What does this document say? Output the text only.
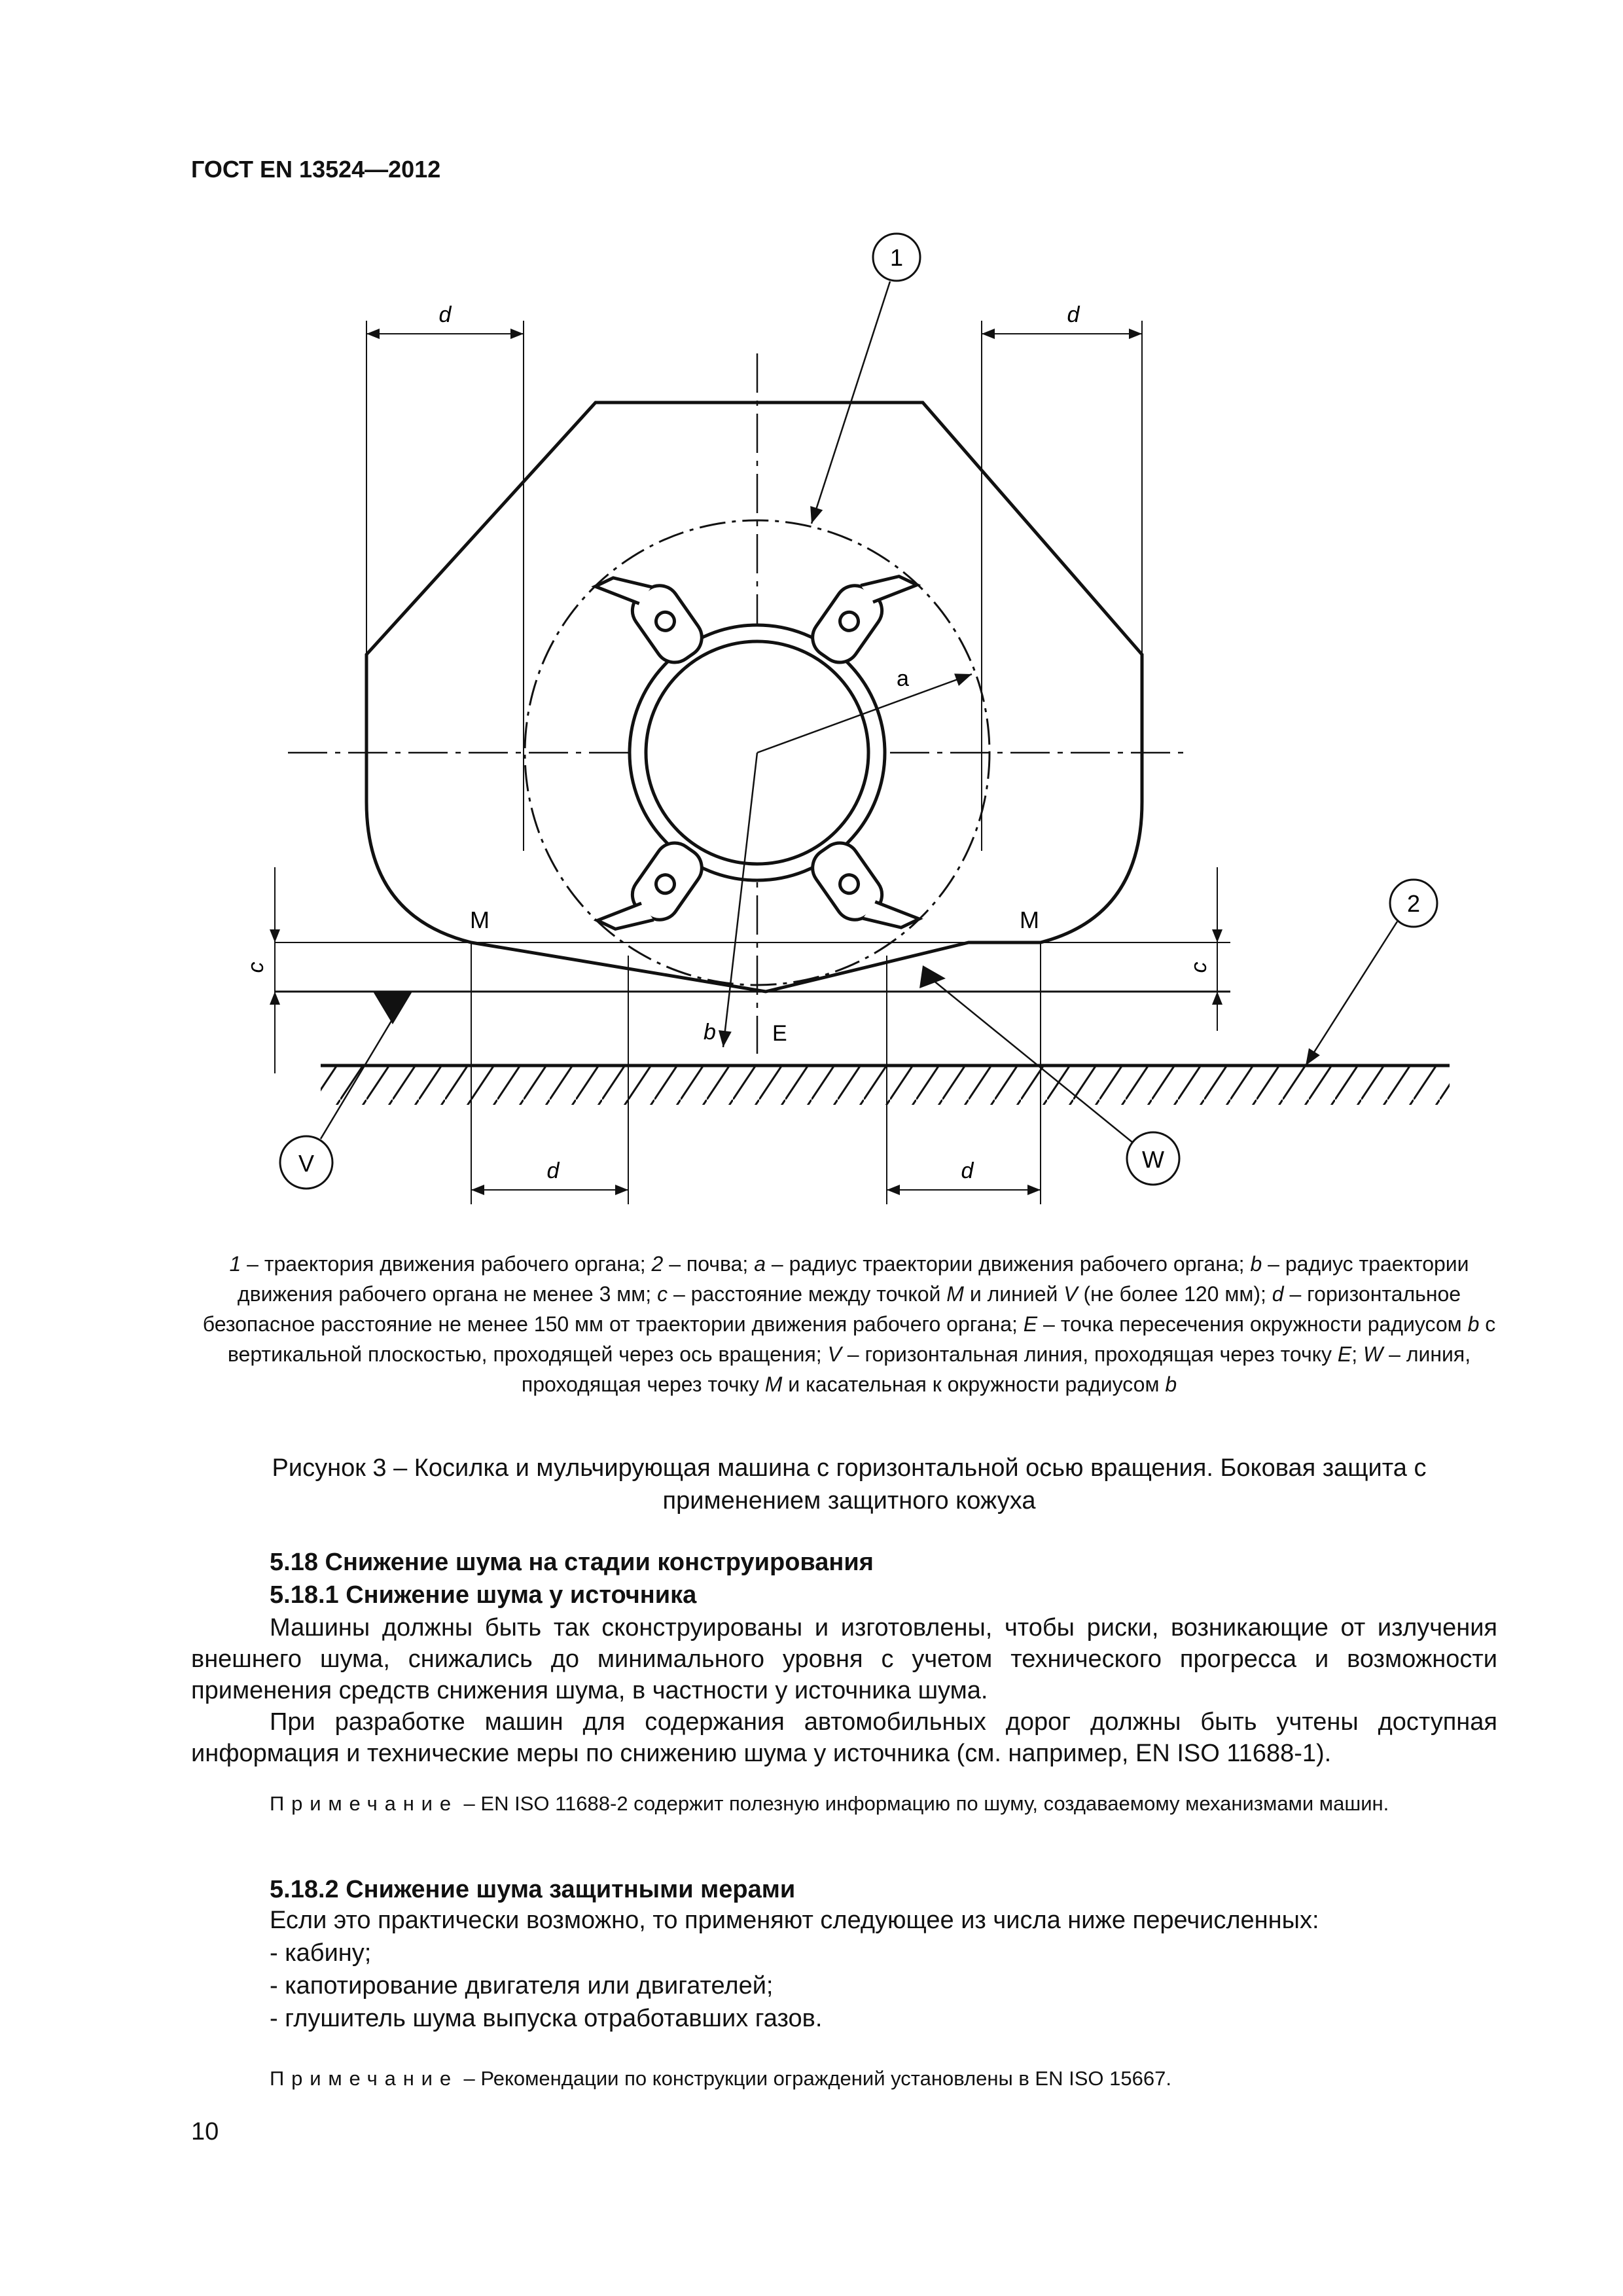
ГОСТ EN 13524—2012
a
b	E
M	M
d	d
d	d
c	c
1
2
V	W
1 – траектория движения рабочего органа; 2 – почва; a – радиус траектории движения рабочего органа; b – радиус траектории движения рабочего органа не менее 3 мм; c – расстояние между точкой M и линией V (не более 120 мм); d – горизонтальное безопасное расстояние не менее 150 мм от траектории движения рабочего органа; E – точка пересечения окружности радиусом b с вертикальной плоскостью, проходящей через ось вращения; V – горизонтальная линия, проходящая через точку E; W – линия, проходящая через точку M и касательная к окружности радиусом b
Рисунок 3 – Косилка и мульчирующая машина с горизонтальной осью вращения. Боковая защита с применением защитного кожуха
5.18 Снижение шума на стадии конструирования
5.18.1 Снижение шума у источника
Машины должны быть так сконструированы и изготовлены, чтобы риски, возникающие от излучения внешнего шума, снижались до минимального уровня с учетом технического прогресса и возможности применения средств снижения шума, в частности у источника шума.
При разработке машин для содержания автомобильных дорог должны быть учтены доступная информация и технические меры по снижению шума у источника (см. например, EN ISO 11688-1).
Примечание – EN ISO 11688-2 содержит полезную информацию по шуму, создаваемому механизмами машин.
5.18.2 Снижение шума защитными мерами
Если это практически возможно, то применяют следующее из числа ниже перечисленных:
- кабину;
- капотирование двигателя или двигателей;
- глушитель шума выпуска отработавших газов.
Примечание – Рекомендации по конструкции ограждений установлены в EN ISO 15667.
10
